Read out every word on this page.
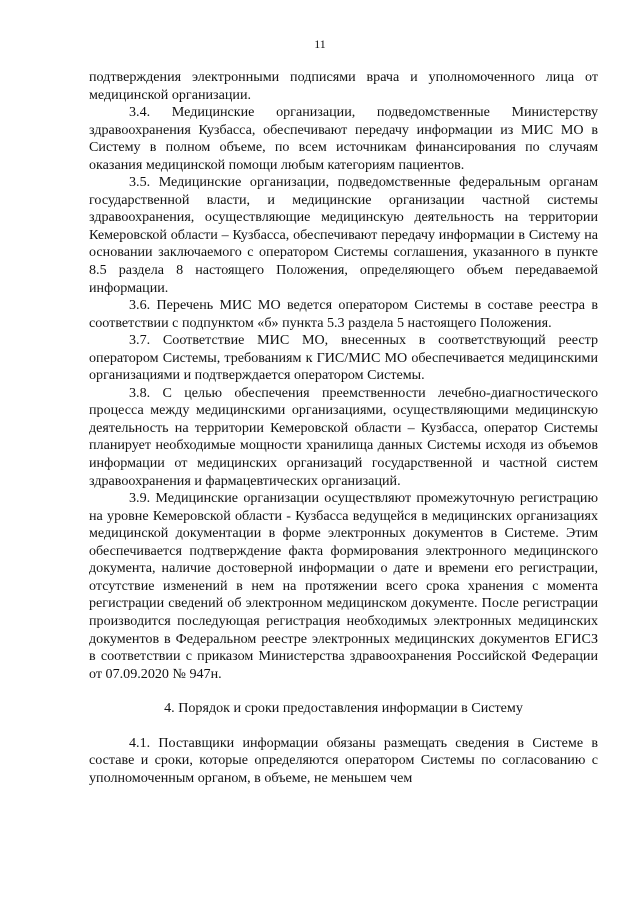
11

подтверждения электронными подписями врача и уполномоченного лица от медицинской организации.

3.4. Медицинские организации, подведомственные Министерству здравоохранения Кузбасса, обеспечивают передачу информации из МИС МО в Систему в полном объеме, по всем источникам финансирования по случаям оказания медицинской помощи любым категориям пациентов.

3.5. Медицинские организации, подведомственные федеральным органам государственной власти, и медицинские организации частной системы здравоохранения, осуществляющие медицинскую деятельность на территории Кемеровской области – Кузбасса, обеспечивают передачу информации в Систему на основании заключаемого с оператором Системы соглашения, указанного в пункте 8.5 раздела 8 настоящего Положения, определяющего объем передаваемой информации.

3.6. Перечень МИС МО ведется оператором Системы в составе реестра в соответствии с подпунктом «б» пункта 5.3 раздела 5 настоящего Положения.

3.7. Соответствие МИС МО, внесенных в соответствующий реестр оператором Системы, требованиям к ГИС/МИС МО обеспечивается медицинскими организациями и подтверждается оператором Системы.

3.8. С целью обеспечения преемственности лечебно-диагностического процесса между медицинскими организациями, осуществляющими медицинскую деятельность на территории Кемеровской области – Кузбасса, оператор Системы планирует необходимые мощности хранилища данных Системы исходя из объемов информации от медицинских организаций государственной и частной систем здравоохранения и фармацевтических организаций.

3.9. Медицинские организации осуществляют промежуточную регистрацию на уровне Кемеровской области - Кузбасса ведущейся в медицинских организациях медицинской документации в форме электронных документов в Системе. Этим обеспечивается подтверждение факта формирования электронного медицинского документа, наличие достоверной информации о дате и времени его регистрации, отсутствие изменений в нем на протяжении всего срока хранения с момента регистрации сведений об электронном медицинском документе. После регистрации производится последующая регистрация необходимых электронных медицинских документов в Федеральном реестре электронных медицинских документов ЕГИСЗ в соответствии с приказом Министерства здравоохранения Российской Федерации от 07.09.2020 № 947н.

4. Порядок и сроки предоставления информации в Систему

4.1. Поставщики информации обязаны размещать сведения в Системе в составе и сроки, которые определяются оператором Системы по согласованию с уполномоченным органом, в объеме, не меньшем чем
